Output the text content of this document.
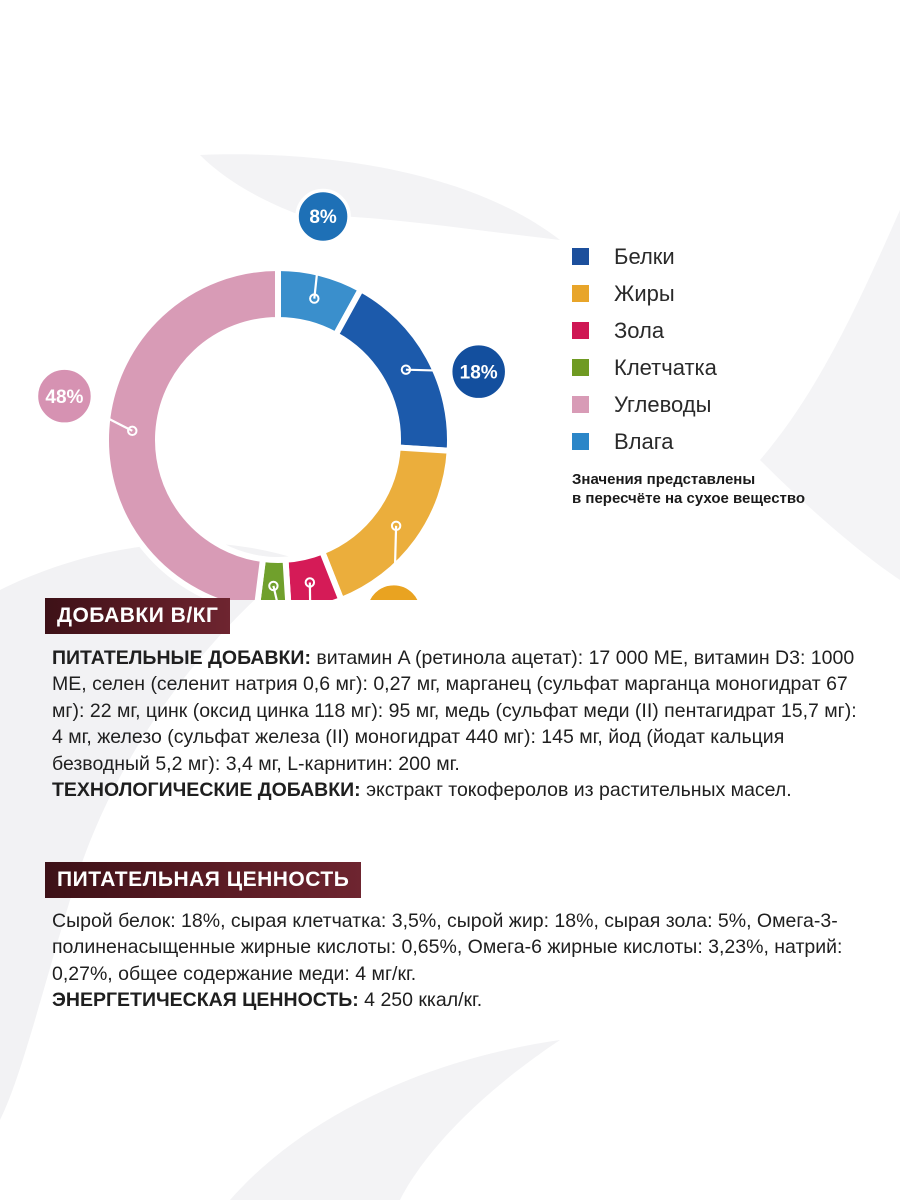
8%
18%
48%
Белки
Жиры
Зола
Клетчатка
Углеводы
Влага
Значения представлены
в пересчёте на сухое вещество
ДОБАВКИ В/КГ

ПИТАТЕЛЬНЫЕ ДОБАВКИ: витамин A (ретинола ацетат): 17 000 МЕ, витамин D3: 1000 МЕ, селен (селенит натрия 0,6 мг): 0,27 мг, марганец (сульфат марганца моногидрат 67 мг): 22 мг, цинк (оксид цинка 118 мг): 95 мг, медь (сульфат меди (II) пентагидрат 15,7 мг): 4 мг, железо (сульфат железа (II) моногидрат 440 мг): 145 мг, йод (йодат кальция безводный 5,2 мг): 3,4 мг, L-карнитин: 200 мг.

ТЕХНОЛОГИЧЕСКИЕ ДОБАВКИ: экстракт токоферолов из растительных масел.

ПИТАТЕЛЬНАЯ ЦЕННОСТЬ

Сырой белок: 18%, сырая клетчатка: 3,5%, сырой жир: 18%, сырая зола: 5%, Омега-3-полиненасыщенные жирные кислоты: 0,65%, Омега-6 жирные кислоты: 3,23%, натрий: 0,27%, общее содержание меди: 4 мг/кг.

ЭНЕРГЕТИЧЕСКАЯ ЦЕННОСТЬ: 4 250 ккал/кг.
